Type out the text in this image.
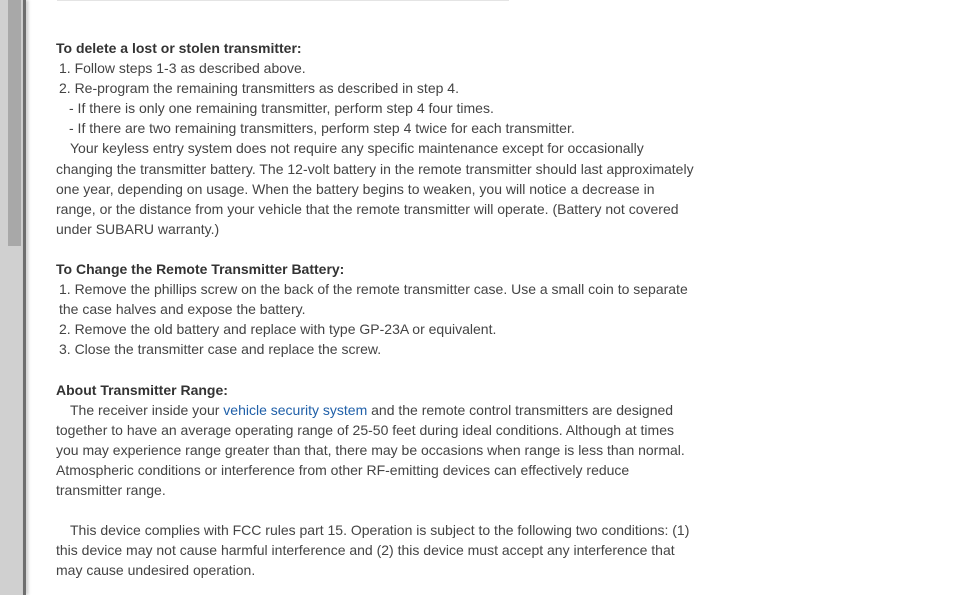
To delete a lost or stolen transmitter:

1. Follow steps 1-3 as described above.

2. Re-program the remaining transmitters as described in step 4.

- If there is only one remaining transmitter, perform step 4 four times.

- If there are two remaining transmitters, perform step 4 twice for each transmitter.

Your keyless entry system does not require any specific maintenance except for occasionally changing the transmitter battery. The 12-volt battery in the remote transmitter should last approximately one year, depending on usage. When the battery begins to weaken, you will notice a decrease in range, or the distance from your vehicle that the remote transmitter will operate. (Battery not covered under SUBARU warranty.)

To Change the Remote Transmitter Battery:

1. Remove the phillips screw on the back of the remote transmitter case. Use a small coin to separate the case halves and expose the battery.

2. Remove the old battery and replace with type GP-23A or equivalent.

3. Close the transmitter case and replace the screw.

About Transmitter Range:

The receiver inside your vehicle security system and the remote control transmitters are designed together to have an average operating range of 25-50 feet during ideal conditions. Although at times you may experience range greater than that, there may be occasions when range is less than normal. Atmospheric conditions or interference from other RF-emitting devices can effectively reduce transmitter range.

This device complies with FCC rules part 15. Operation is subject to the following two conditions: (1) this device may not cause harmful interference and (2) this device must accept any interference that may cause undesired operation.
